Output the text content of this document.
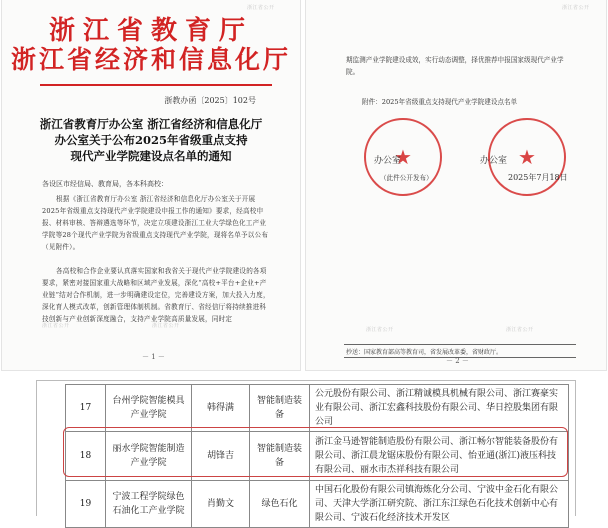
浙江省教育厅
浙江省经济和信息化厅
浙教办函〔2025〕102号
浙江省教育厅办公室 浙江省经济和信息化厅
办公室关于公布2025年省级重点支持
现代产业学院建设点名单的通知
各设区市经信局、教育局，各本科高校：
根据《浙江省教育厅办公室 浙江省经济和信息化厅办公室关于开展2025年省级重点支持现代产业学院建设申报工作的通知》要求，经高校申报、材料审核、答辩遴选等环节，决定立项建设浙江工业大学绿色化工产业学院等28个现代产业学院为省级重点支持现代产业学院，现将名单予以公布（见附件）。
各高校和合作企业要认真落实国家和我省关于现代产业学院建设的各项要求，紧密对接国家重大战略和区域产业发展，深化“高校+平台+企业+产业链”结对合作机制，进一步明确建设定位，完善建设方案，加大投入力度，深化育人模式改革，创新管理体制机制。省教育厅、省经信厅将持续推进科技创新与产业创新深度融合，支持产业学院高质量发展，同时定
－ 1 －
浙江省公开
浙江省公开	浙江省公开
期监测产业学院建设成效，实行动态调整，择优推荐申报国家级现代产业学院。
附件：2025年省级重点支持现代产业学院建设点名单
★	★
办公室	办公室
（此件公开发布）	2025年7月18日
抄送：国家教育部高等教育司，省发展改革委，省财政厅。
－ 2 －
浙江省公开
浙江省公开	浙江省公开
17	台州学院智能模具产业学院	韩得满	智能制造装备	公元股份有限公司、浙江精诚模具机械有限公司、浙江赛豪实业有限公司、浙江宏鑫科技股份有限公司、华日控股集团有限公司
18	丽水学院智能制造产业学院	胡锋吉	智能制造装备	浙江金马逊智能制造股份有限公司、浙江畅尔智能装备股份有限公司、浙江晨龙锯床股份有限公司、怡亚通(浙江)液压科技有限公司、丽水市杰祥科技有限公司
19	宁波工程学院绿色石油化工产业学院	肖勤文	绿色石化	中国石化股份有限公司镇海炼化分公司、宁波中金石化有限公司、天津大学浙江研究院、浙江东江绿色石化技术创新中心有限公司、宁波石化经济技术开发区
